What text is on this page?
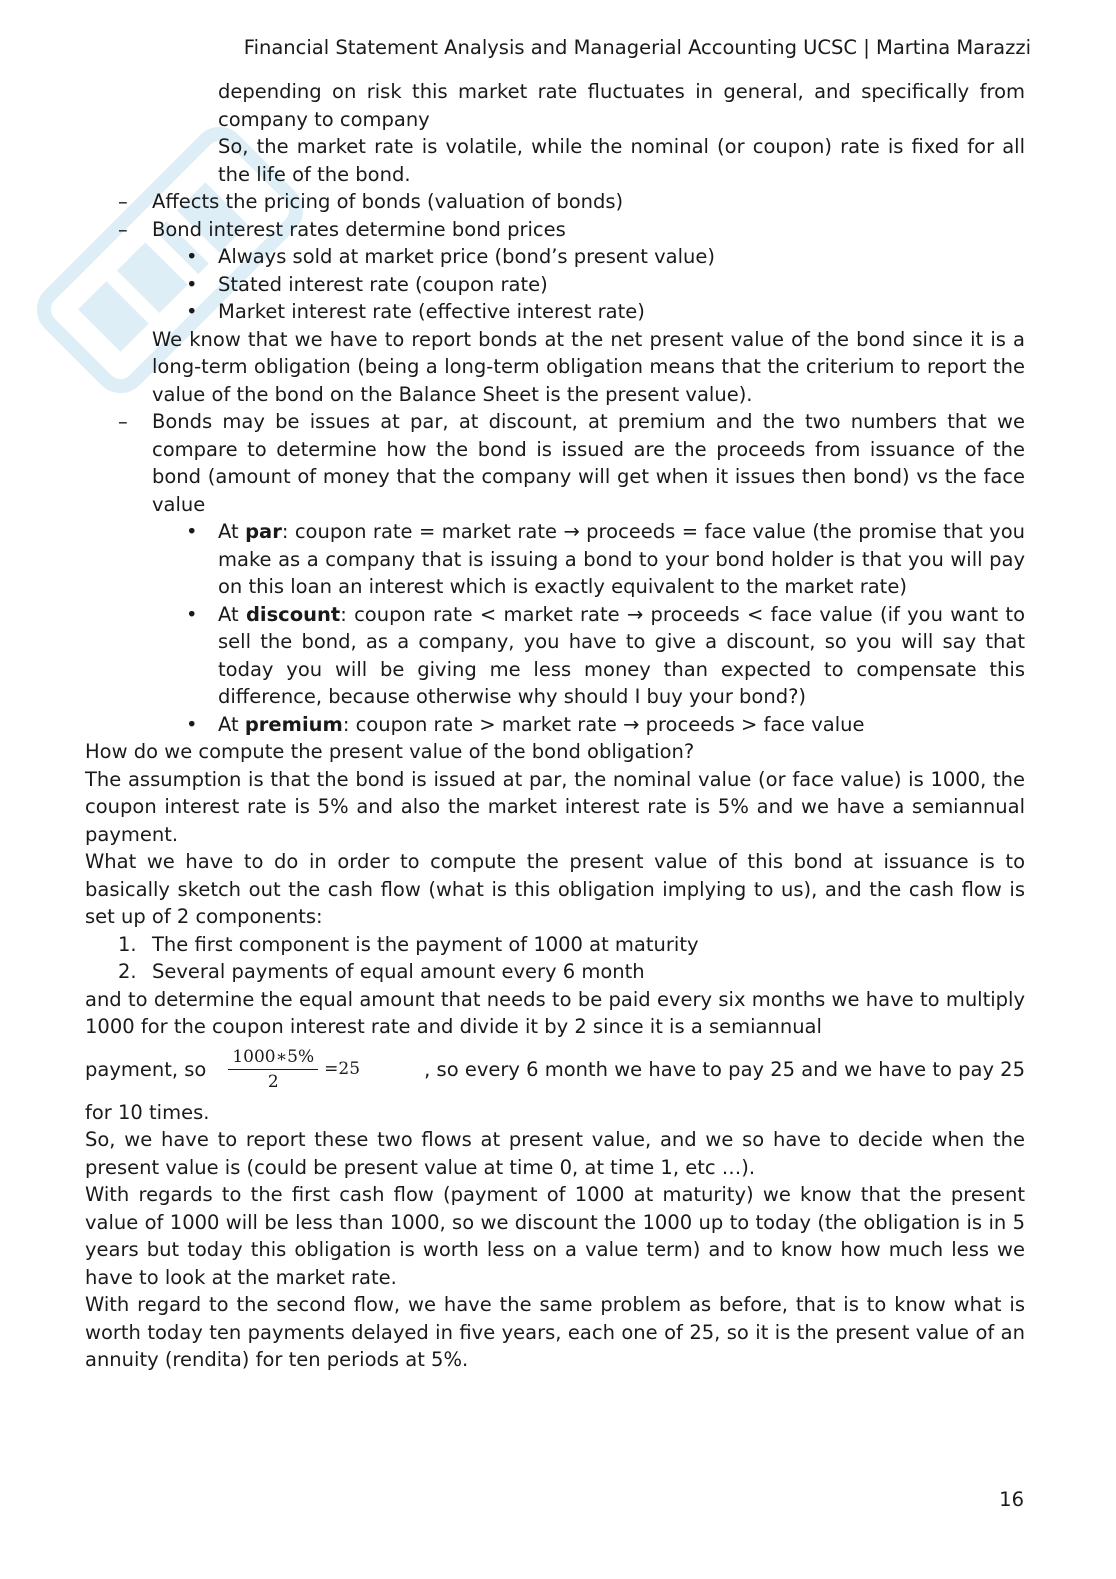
Financial Statement Analysis and Managerial Accounting UCSC | Martina Marazzi

depending on risk this market rate fluctuates in general, and specifically from company to company

So, the market rate is volatile, while the nominal (or coupon) rate is fixed for all the life of the bond.

– Affects the pricing of bonds (valuation of bonds)

– Bond interest rates determine bond prices

• Always sold at market price (bond’s present value)

• Stated interest rate (coupon rate)

• Market interest rate (effective interest rate)

We know that we have to report bonds at the net present value of the bond since it is a long-term obligation (being a long-term obligation means that the criterium to report the value of the bond on the Balance Sheet is the present value).

– Bonds may be issues at par, at discount, at premium and the two numbers that we compare to determine how the bond is issued are the proceeds from issuance of the bond (amount of money that the company will get when it issues then bond) vs the face value

• At par: coupon rate = market rate → proceeds = face value (the promise that you make as a company that is issuing a bond to your bond holder is that you will pay on this loan an interest which is exactly equivalent to the market rate)

• At discount: coupon rate < market rate → proceeds < face value (if you want to sell the bond, as a company, you have to give a discount, so you will say that today you will be giving me less money than expected to compensate this difference, because otherwise why should I buy your bond?)

• At premium: coupon rate > market rate → proceeds > face value

How do we compute the present value of the bond obligation?

The assumption is that the bond is issued at par, the nominal value (or face value) is 1000, the coupon interest rate is 5% and also the market interest rate is 5% and we have a semiannual payment.

What we have to do in order to compute the present value of this bond at issuance is to basically sketch out the cash flow (what is this obligation implying to us), and the cash flow is set up of 2 components:

1. The first component is the payment of 1000 at maturity

2. Several payments of equal amount every 6 month

and to determine the equal amount that needs to be paid every six months we have to multiply 1000 for the coupon interest rate and divide it by 2 since it is a semiannual

payment, so $\frac{1000∗5\%}{2} =25$	, so every 6 month we have to pay 25 and we have to pay 25

for 10 times.

So, we have to report these two flows at present value, and we so have to decide when the present value is (could be present value at time 0, at time 1, etc …).

With regards to the first cash flow (payment of 1000 at maturity) we know that the present value of 1000 will be less than 1000, so we discount the 1000 up to today (the obligation is in 5 years but today this obligation is worth less on a value term) and to know how much less we have to look at the market rate.

With regard to the second flow, we have the same problem as before, that is to know what is worth today ten payments delayed in five years, each one of 25, so it is the present value of an annuity (rendita) for ten periods at 5%.

16
